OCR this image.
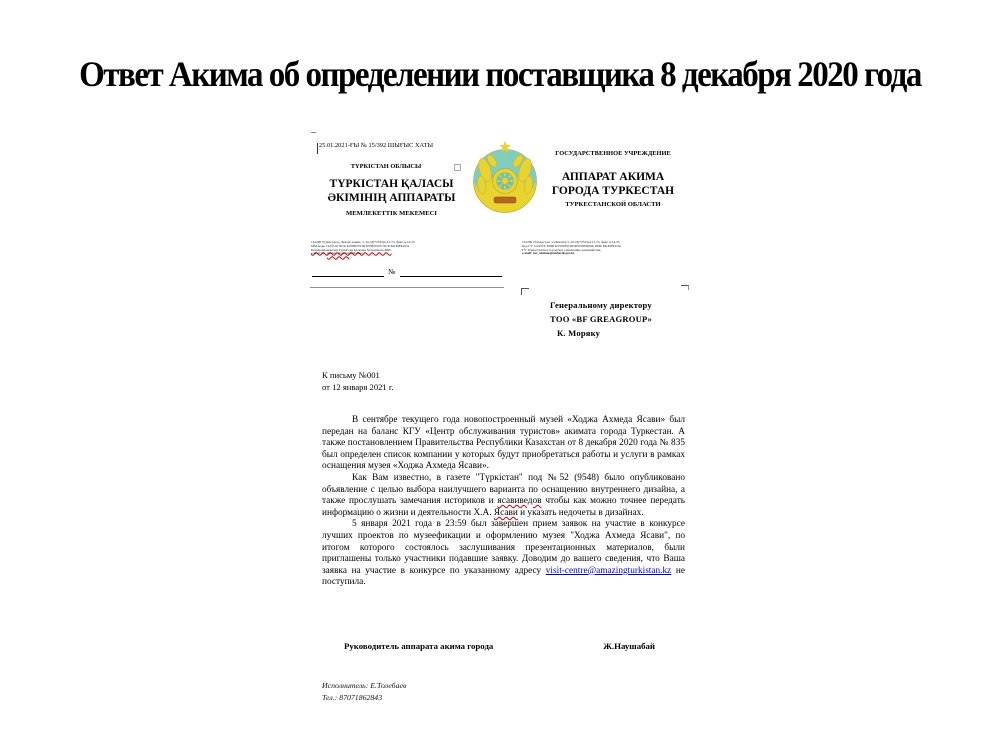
Ответ Акима об определении поставщика 8 декабря 2020 года
25.01.2021-ҒЫ № 15/392 ШЫҒЫС ХАТЫ
ТҮРКІСТАН ОБЛЫСЫ
ТҮРКІСТАН ҚАЛАСЫ
ӘКІМІНІҢ АППАРАТЫ
МЕМЛЕКЕТТІК МЕКЕМЕСІ
ГОСУДАРСТВЕННОЕ УЧРЕЖДЕНИЕ
АППАРАТ АКИМА
ГОРОДА ТУРКЕСТАН
ТУРКЕСТАНСКОЙ ОБЛАСТИ
161200 Түркістан қ., Бекзат аланы, 3, Тел 8(72533)4-11-75, факс 4-14-25
ММ коды 1223510, БСК KZ9807015KSN5850100, БСК KKMFKZ2A
Қазынашылықтың Түркістан қалалық басқармасы ММ,
e-mail: tur_akimat_apparaty@mail.kz
161200 г.Туркестан, ул.Бекзата,3, Тел 8(72533)4-11-75, факс 4-14-25
Код ГУ 1223510, ИИК KZ590701005KSN5850000, БИК KKMFKZ2A
ГУ Туркестанское городское управление казначейства,
e-mail: tur_akimat@emberik.gov.kz
№
Генеральному директору
ТОО «BF GREAGROUP»
К. Моряку
К письму №001
от 12 января 2021 г.

В сентябре текущего года новопостроенный музей «Ходжа Ахмеда Ясави» был передан на баланс КГУ «Центр обслуживания туристов» акимата города Туркестан. А также постановлением Правительства Республики Казахстан от 8 декабря 2020 года № 835 был определен список компании у которых будут приобретаться работы и услуги в рамках оснащения музея «Ходжа Ахмеда Ясави».

Как Вам известно, в газете "Түркістан" под №52 (9548) было опубликовано объявление с целью выбора наилучшего варианта по оснащению внутреннего дизайна, а также прослушать замечания историков и ясавиведов чтобы как можно точнее передать информацию о жизни и деятельности Х.А. Ясави и указать недочеты в дизайнах.

5 января 2021 года в 23:59 был завершен прием заявок на участие в конкурсе лучших проектов по музеефикации и оформлению музея "Ходжа Ахмеда Ясави", по итогом которого состоялось заслушивания презентационных материалов, были приглашены только участники подавшие заявку. Доводим до вашего сведения, что Ваша заявка на участие в конкурсе по указанному адресу visit-centre@amazingturkistan.kz не поступила.

Руководитель аппарата акима города	Ж.Наушабай
Исполнитель: Е.Толебаев
Тел.: 87071862843
